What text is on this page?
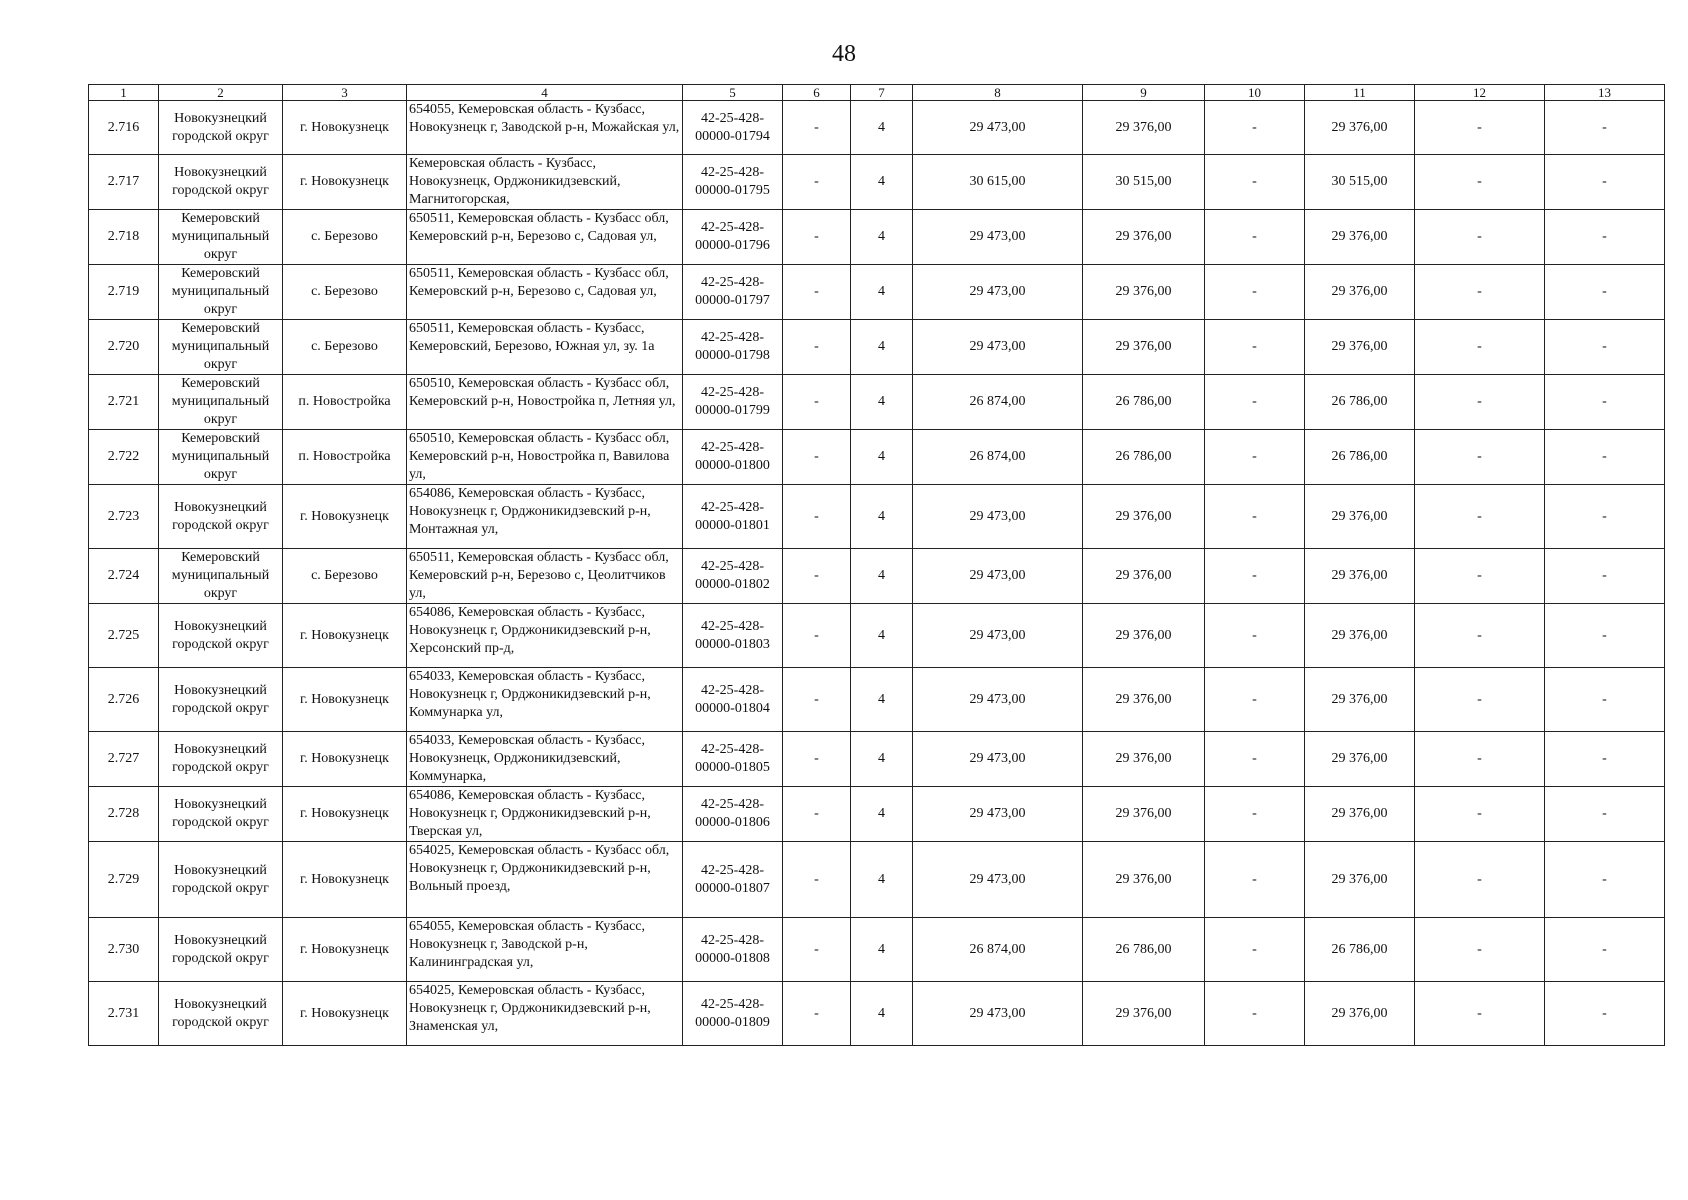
48
1	2	3	4	5	6	7	8	9	10	11	12	13
2.716	Новокузнецкий городской округ	г. Новокузнецк	654055, Кемеровская область - Кузбасс, Новокузнецк г, Заводской р-н, Можайская ул,	42-25-428-00000-01794	-	4	29 473,00	29 376,00	-	29 376,00	-	-
2.717	Новокузнецкий городской округ	г. Новокузнецк	Кемеровская область - Кузбасс, Новокузнецк, Орджоникидзевский, Магнитогорская,	42-25-428-00000-01795	-	4	30 615,00	30 515,00	-	30 515,00	-	-
2.718	Кемеровский муниципальный округ	с. Березово	650511, Кемеровская область - Кузбасс обл, Кемеровский р-н, Березово с, Садовая ул,	42-25-428-00000-01796	-	4	29 473,00	29 376,00	-	29 376,00	-	-
2.719	Кемеровский муниципальный округ	с. Березово	650511, Кемеровская область - Кузбасс обл, Кемеровский р-н, Березово с, Садовая ул,	42-25-428-00000-01797	-	4	29 473,00	29 376,00	-	29 376,00	-	-
2.720	Кемеровский муниципальный округ	с. Березово	650511, Кемеровская область - Кузбасс, Кемеровский, Березово, Южная ул, зу. 1а	42-25-428-00000-01798	-	4	29 473,00	29 376,00	-	29 376,00	-	-
2.721	Кемеровский муниципальный округ	п. Новостройка	650510, Кемеровская область - Кузбасс обл, Кемеровский р-н, Новостройка п, Летняя ул,	42-25-428-00000-01799	-	4	26 874,00	26 786,00	-	26 786,00	-	-
2.722	Кемеровский муниципальный округ	п. Новостройка	650510, Кемеровская область - Кузбасс обл, Кемеровский р-н, Новостройка п, Вавилова ул,	42-25-428-00000-01800	-	4	26 874,00	26 786,00	-	26 786,00	-	-
2.723	Новокузнецкий городской округ	г. Новокузнецк	654086, Кемеровская область - Кузбасс, Новокузнецк г, Орджоникидзевский р-н, Монтажная ул,	42-25-428-00000-01801	-	4	29 473,00	29 376,00	-	29 376,00	-	-
2.724	Кемеровский муниципальный округ	с. Березово	650511, Кемеровская область - Кузбасс обл, Кемеровский р-н, Березово с, Цеолитчиков ул,	42-25-428-00000-01802	-	4	29 473,00	29 376,00	-	29 376,00	-	-
2.725	Новокузнецкий городской округ	г. Новокузнецк	654086, Кемеровская область - Кузбасс, Новокузнецк г, Орджоникидзевский р-н, Херсонский пр-д,	42-25-428-00000-01803	-	4	29 473,00	29 376,00	-	29 376,00	-	-
2.726	Новокузнецкий городской округ	г. Новокузнецк	654033, Кемеровская область - Кузбасс, Новокузнецк г, Орджоникидзевский р-н, Коммунарка ул,	42-25-428-00000-01804	-	4	29 473,00	29 376,00	-	29 376,00	-	-
2.727	Новокузнецкий городской округ	г. Новокузнецк	654033, Кемеровская область - Кузбасс, Новокузнецк, Орджоникидзевский, Коммунарка,	42-25-428-00000-01805	-	4	29 473,00	29 376,00	-	29 376,00	-	-
2.728	Новокузнецкий городской округ	г. Новокузнецк	654086, Кемеровская область - Кузбасс, Новокузнецк г, Орджоникидзевский р-н, Тверская ул,	42-25-428-00000-01806	-	4	29 473,00	29 376,00	-	29 376,00	-	-
2.729	Новокузнецкий городской округ	г. Новокузнецк	654025, Кемеровская область - Кузбасс обл, Новокузнецк г, Орджоникидзевский р-н, Вольный проезд,	42-25-428-00000-01807	-	4	29 473,00	29 376,00	-	29 376,00	-	-
2.730	Новокузнецкий городской округ	г. Новокузнецк	654055, Кемеровская область - Кузбасс, Новокузнецк г, Заводской р-н, Калининградская ул,	42-25-428-00000-01808	-	4	26 874,00	26 786,00	-	26 786,00	-	-
2.731	Новокузнецкий городской округ	г. Новокузнецк	654025, Кемеровская область - Кузбасс, Новокузнецк г, Орджоникидзевский р-н, Знаменская ул,	42-25-428-00000-01809	-	4	29 473,00	29 376,00	-	29 376,00	-	-
